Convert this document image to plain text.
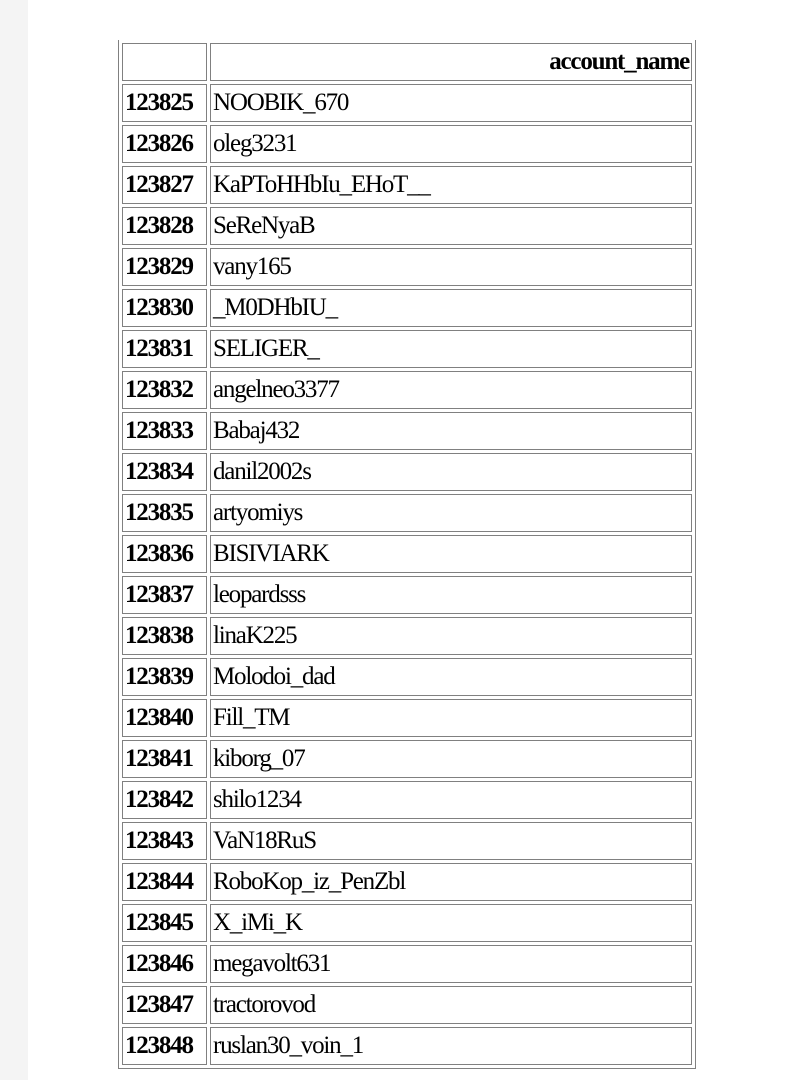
	account_name
123825	NOOBIK_670
123826	oleg3231
123827	KaPToHHbIu_EHoT__
123828	SeReNyaB
123829	vany165
123830	_M0DHbIU_
123831	SELIGER_
123832	angelneo3377
123833	Babaj432
123834	danil2002s
123835	artyomiys
123836	BISIVIARK
123837	leopardsss
123838	linaK225
123839	Molodoi_dad
123840	Fill_TM
123841	kiborg_07
123842	shilo1234
123843	VaN18RuS
123844	RoboKop_iz_PenZbl
123845	X_iMi_K
123846	megavolt631
123847	tractorovod
123848	ruslan30_voin_1
